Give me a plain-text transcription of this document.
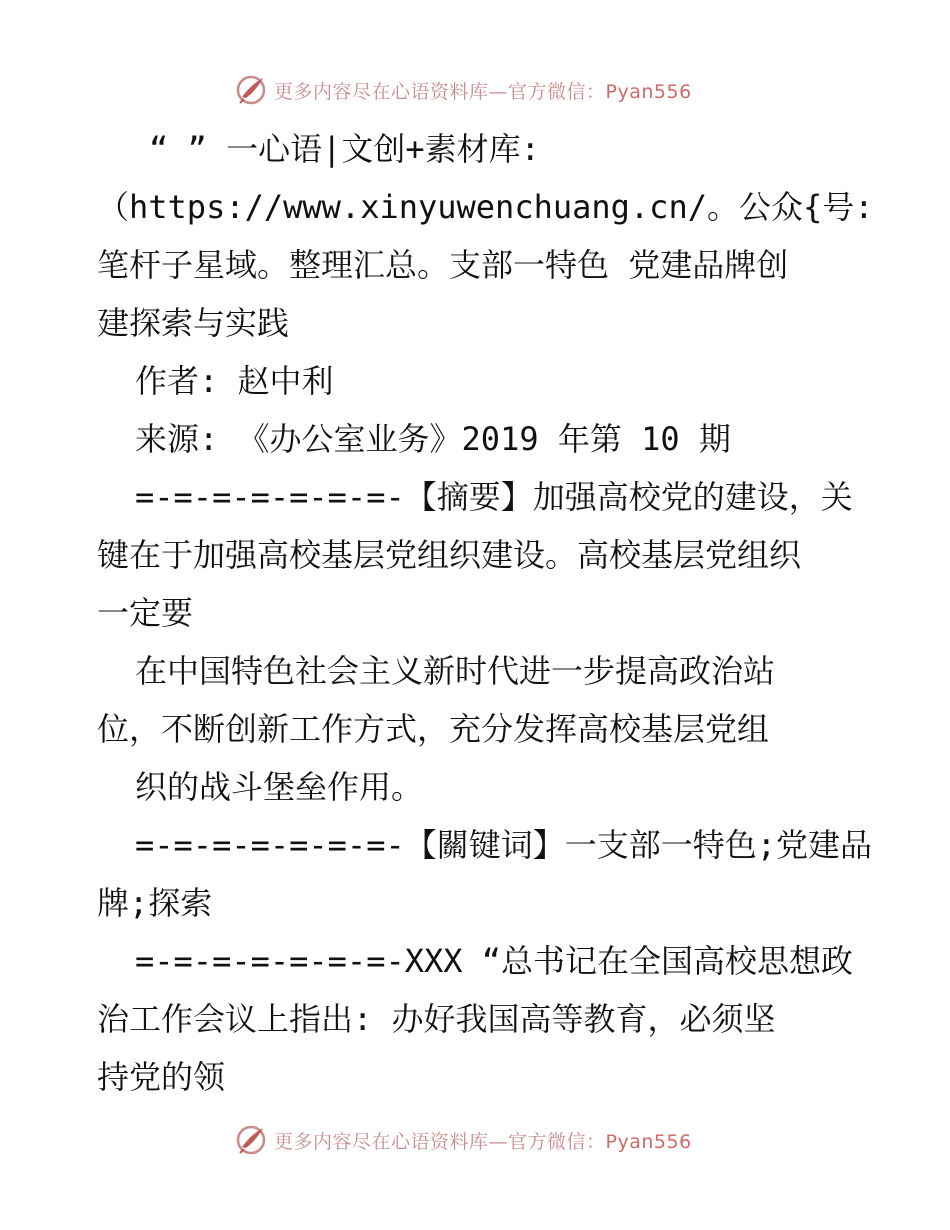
更多内容尽在心语资料库—官方微信：Pyan556
“ ” 一心语|文创+素材库:
（https://www.xinyuwenchuang.cn/。公众{号:
笔杆子星域。整理汇总。支部一特色 党建品牌创
建探索与实践
作者: 赵中利
来源: 《办公室业务》2019 年第 10 期
=-=-=-=-=-=-=-【摘要】加强高校党的建设，关
键在于加强高校基层党组织建设。高校基层党组织
一定要
在中国特色社会主义新时代进一步提高政治站
位，不断创新工作方式，充分发挥高校基层党组
织的战斗堡垒作用。
=-=-=-=-=-=-=-【關键词】一支部一特色;党建品
牌;探索
=-=-=-=-=-=-=-XXX “总书记在全国高校思想政
治工作会议上指出: 办好我国高等教育，必须坚
持党的领
更多内容尽在心语资料库—官方微信：Pyan556
